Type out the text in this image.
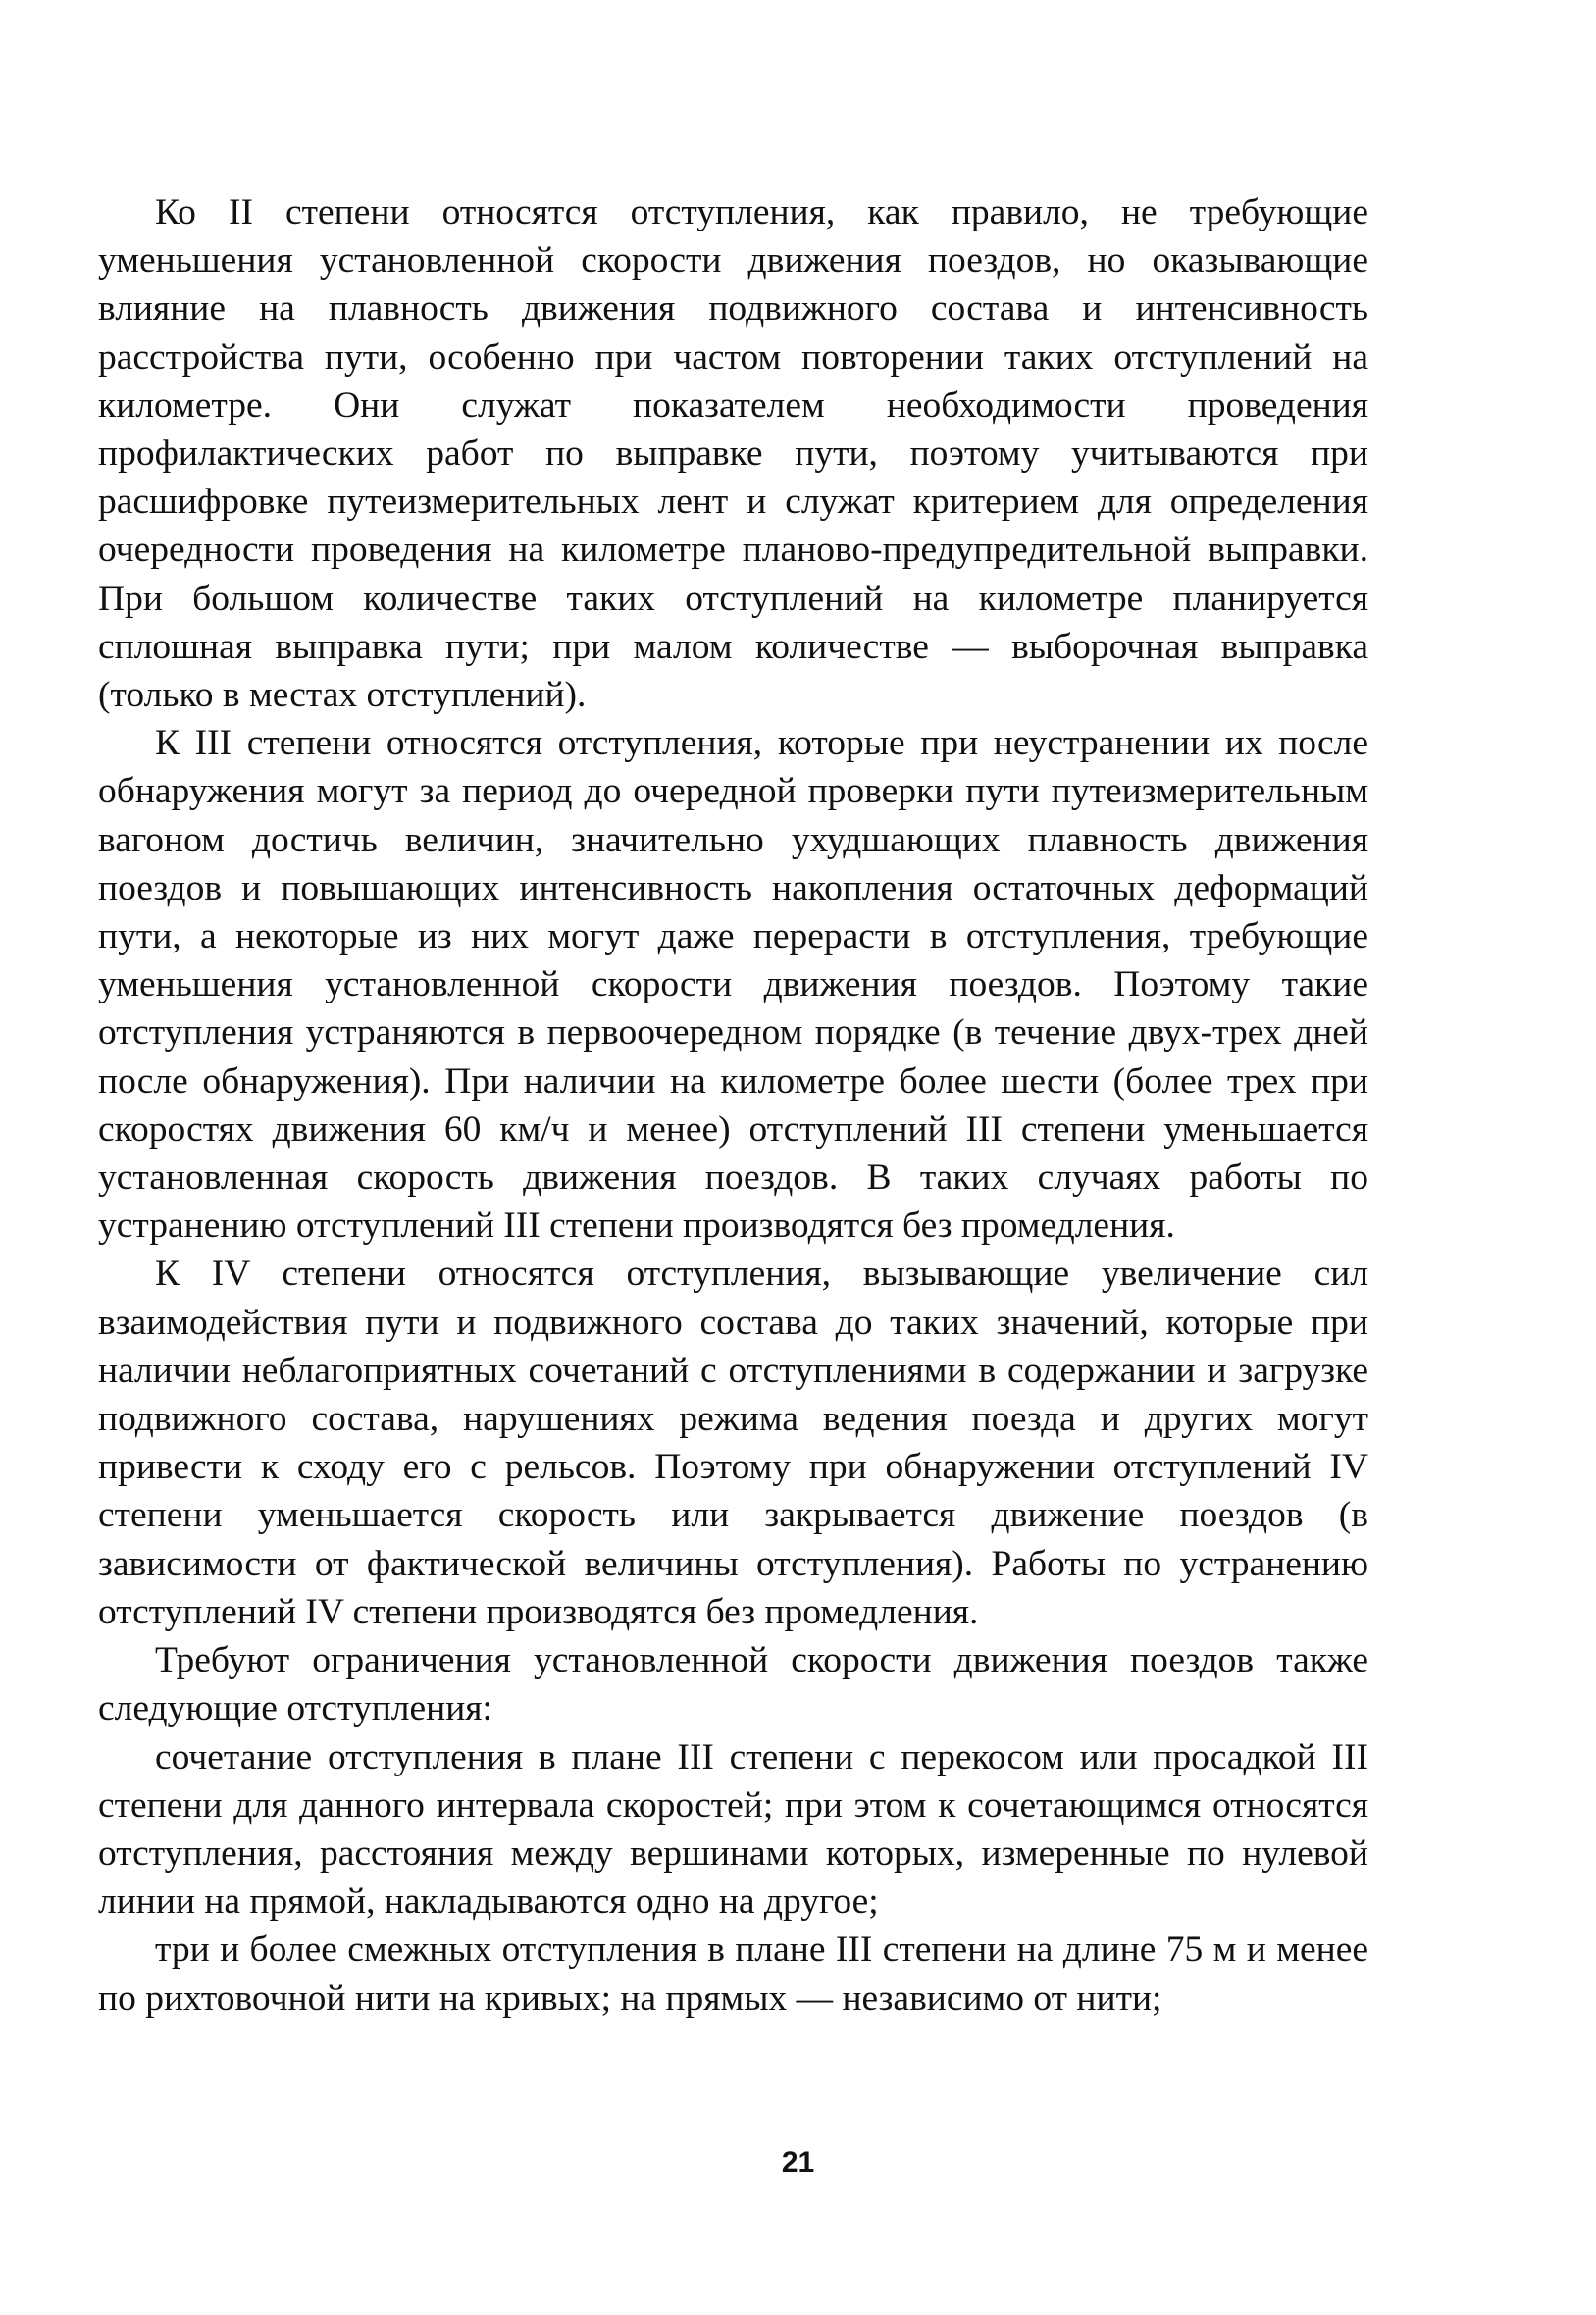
Ко II степени относятся отступления, как правило, не требующие уменьшения установленной скорости движения поездов, но оказывающие влияние на плавность движения подвижного состава и интенсивность расстройства пути, особенно при частом повторении таких отступлений на километре. Они служат показателем необходимости проведения профилактических работ по выправке пути, поэтому учитываются при расшифровке путеизмерительных лент и служат критерием для определения очередности проведения на километре планово-предупредительной выправки. При большом количестве таких отступлений на километре планируется сплошная выправка пути; при малом количестве — выборочная выправка (только в местах отступлений).

К III степени относятся отступления, которые при неустранении их после обнаружения могут за период до очередной проверки пути путеизмерительным вагоном достичь величин, значительно ухудшающих плавность движения поездов и повышающих интенсивность накопления остаточных деформаций пути, а некоторые из них могут даже перерасти в отступления, требующие уменьшения установленной скорости движения поездов. Поэтому такие отступления устраняются в первоочередном порядке (в течение двух-трех дней после обнаружения). При наличии на километре более шести (более трех при скоростях движения 60 км/ч и менее) отступлений III степени уменьшается установленная скорость движения поездов. В таких случаях работы по устранению отступлений III степени производятся без промедления.

К IV степени относятся отступления, вызывающие увеличение сил взаимодействия пути и подвижного состава до таких значений, которые при наличии неблагоприятных сочетаний с отступлениями в содержании и загрузке подвижного состава, нарушениях режима ведения поезда и других могут привести к сходу его с рельсов. Поэтому при обнаружении отступлений IV степени уменьшается скорость или закрывается движение поездов (в зависимости от фактической величины отступления). Работы по устранению отступлений IV степени производятся без промедления.

Требуют ограничения установленной скорости движения поездов также следующие отступления:

сочетание отступления в плане III степени с перекосом или просадкой III степени для данного интервала скоростей; при этом к сочетающимся относятся отступления, расстояния между вершинами которых, измеренные по нулевой линии на прямой, накладываются одно на другое;

три и более смежных отступления в плане III степени на длине 75 м и менее по рихтовочной нити на кривых; на прямых — независимо от нити;

21
